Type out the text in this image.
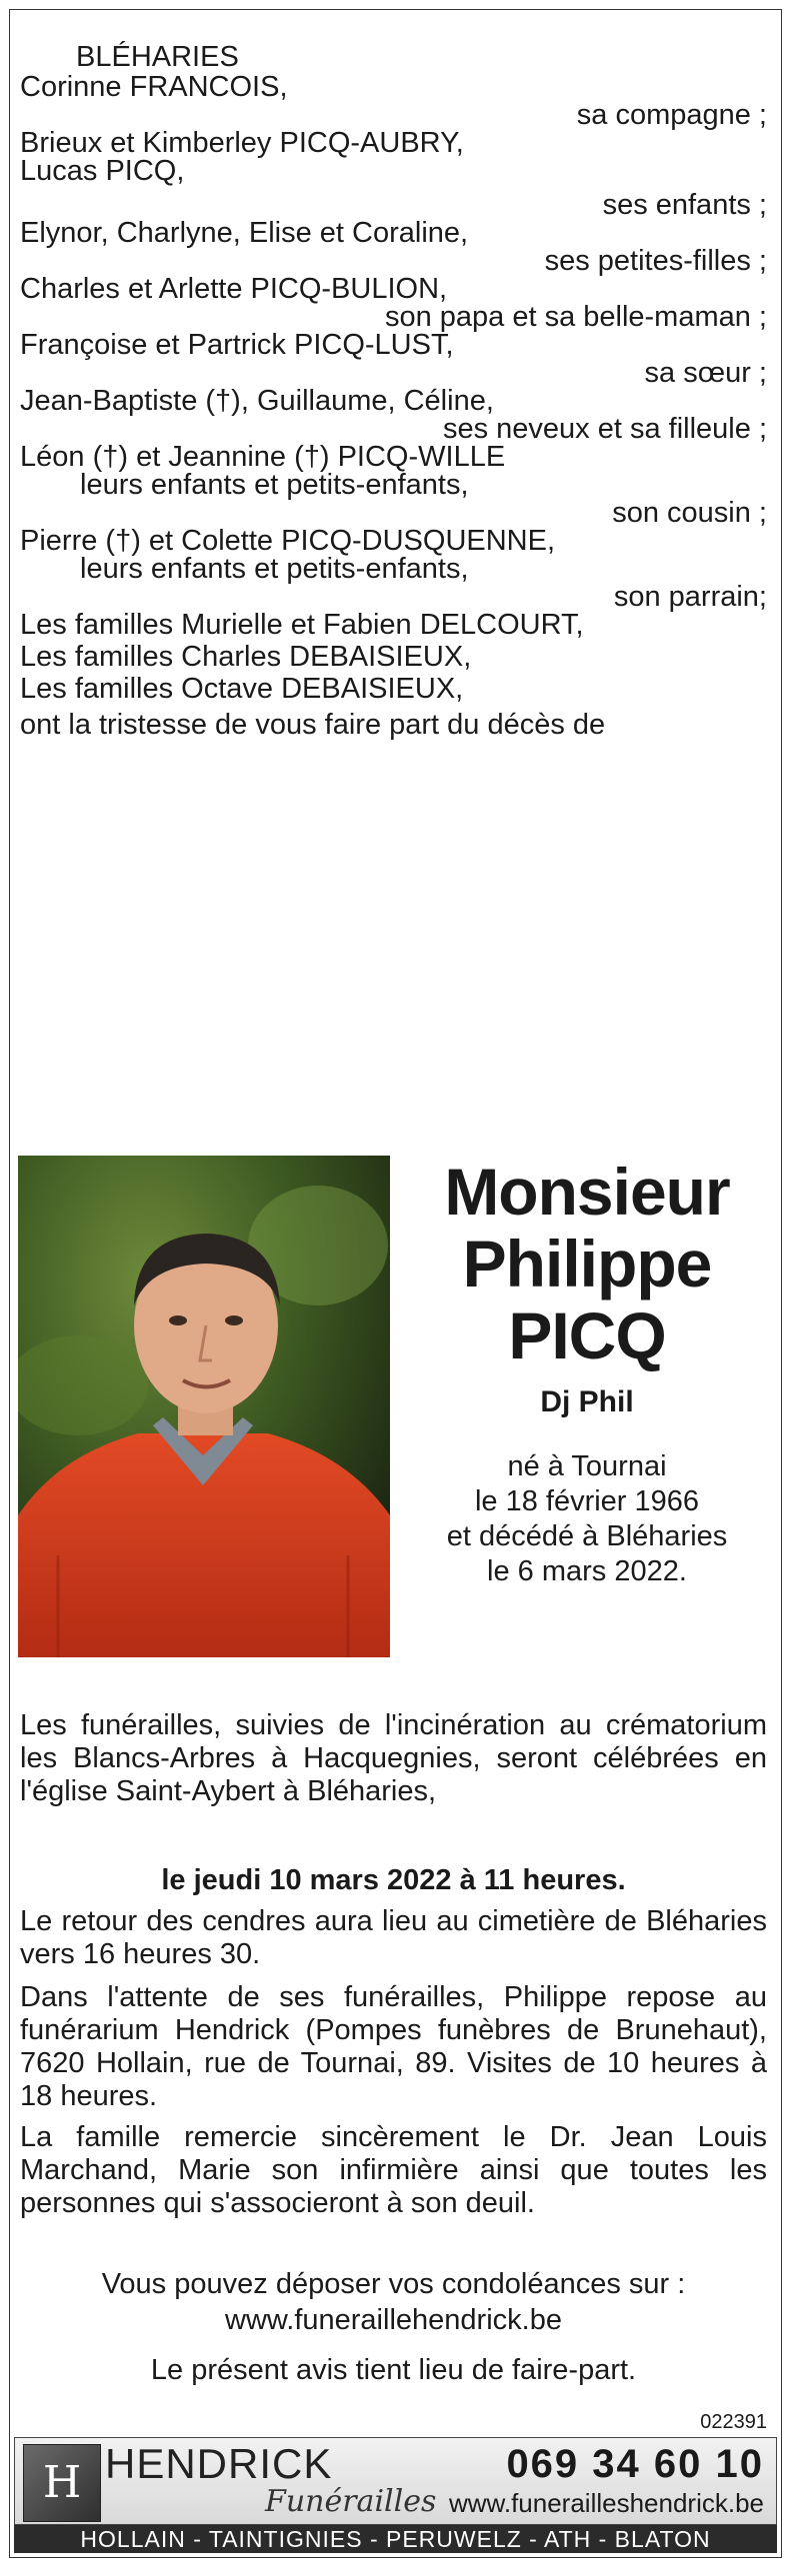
BLÉHARIES
Corinne FRANCOIS,
sa compagne ;
Brieux et Kimberley PICQ-AUBRY,
Lucas PICQ,
ses enfants ;
Elynor, Charlyne, Elise et Coraline,
ses petites-filles ;
Charles et Arlette PICQ-BULION,
son papa et sa belle-maman ;
Françoise et Partrick PICQ-LUST,
sa sœur ;
Jean-Baptiste (†), Guillaume, Céline,
ses neveux et sa filleule ;
Léon (†) et Jeannine (†) PICQ-WILLE
leurs enfants et petits-enfants,
son cousin ;
Pierre (†) et Colette PICQ-DUSQUENNE,
leurs enfants et petits-enfants,
son parrain;
Les familles Murielle et Fabien DELCOURT,
Les familles Charles DEBAISIEUX,
Les familles Octave DEBAISIEUX,
ont la tristesse de vous faire part du décès de
Monsieur
Philippe
PICQ
Dj Phil
né à Tournai
le 18 février 1966
et décédé à Bléharies
le 6 mars 2022.
Les funérailles, suivies de l'incinération au crématorium les Blancs-Arbres à Hacquegnies, seront célébrées en l'église Saint-Aybert à Bléharies,
le jeudi 10 mars 2022 à 11 heures.
Le retour des cendres aura lieu au cimetière de Bléharies vers 16 heures 30.
Dans l'attente de ses funérailles, Philippe repose au funérarium Hendrick (Pompes funèbres de Brunehaut), 7620 Hollain, rue de Tournai, 89. Visites de 10 heures à 18 heures.
La famille remercie sincèrement le Dr. Jean Louis Marchand, Marie son infirmière ainsi que toutes les personnes qui s'associeront à son deuil.
Vous pouvez déposer vos condoléances sur :
www.funeraillehendrick.be
Le présent avis tient lieu de faire-part.
022391
H HENDRICK
Funérailles
069 34 60 10
www.funerailleshendrick.be
HOLLAIN - TAINTIGNIES - PERUWELZ - ATH - BLATON
